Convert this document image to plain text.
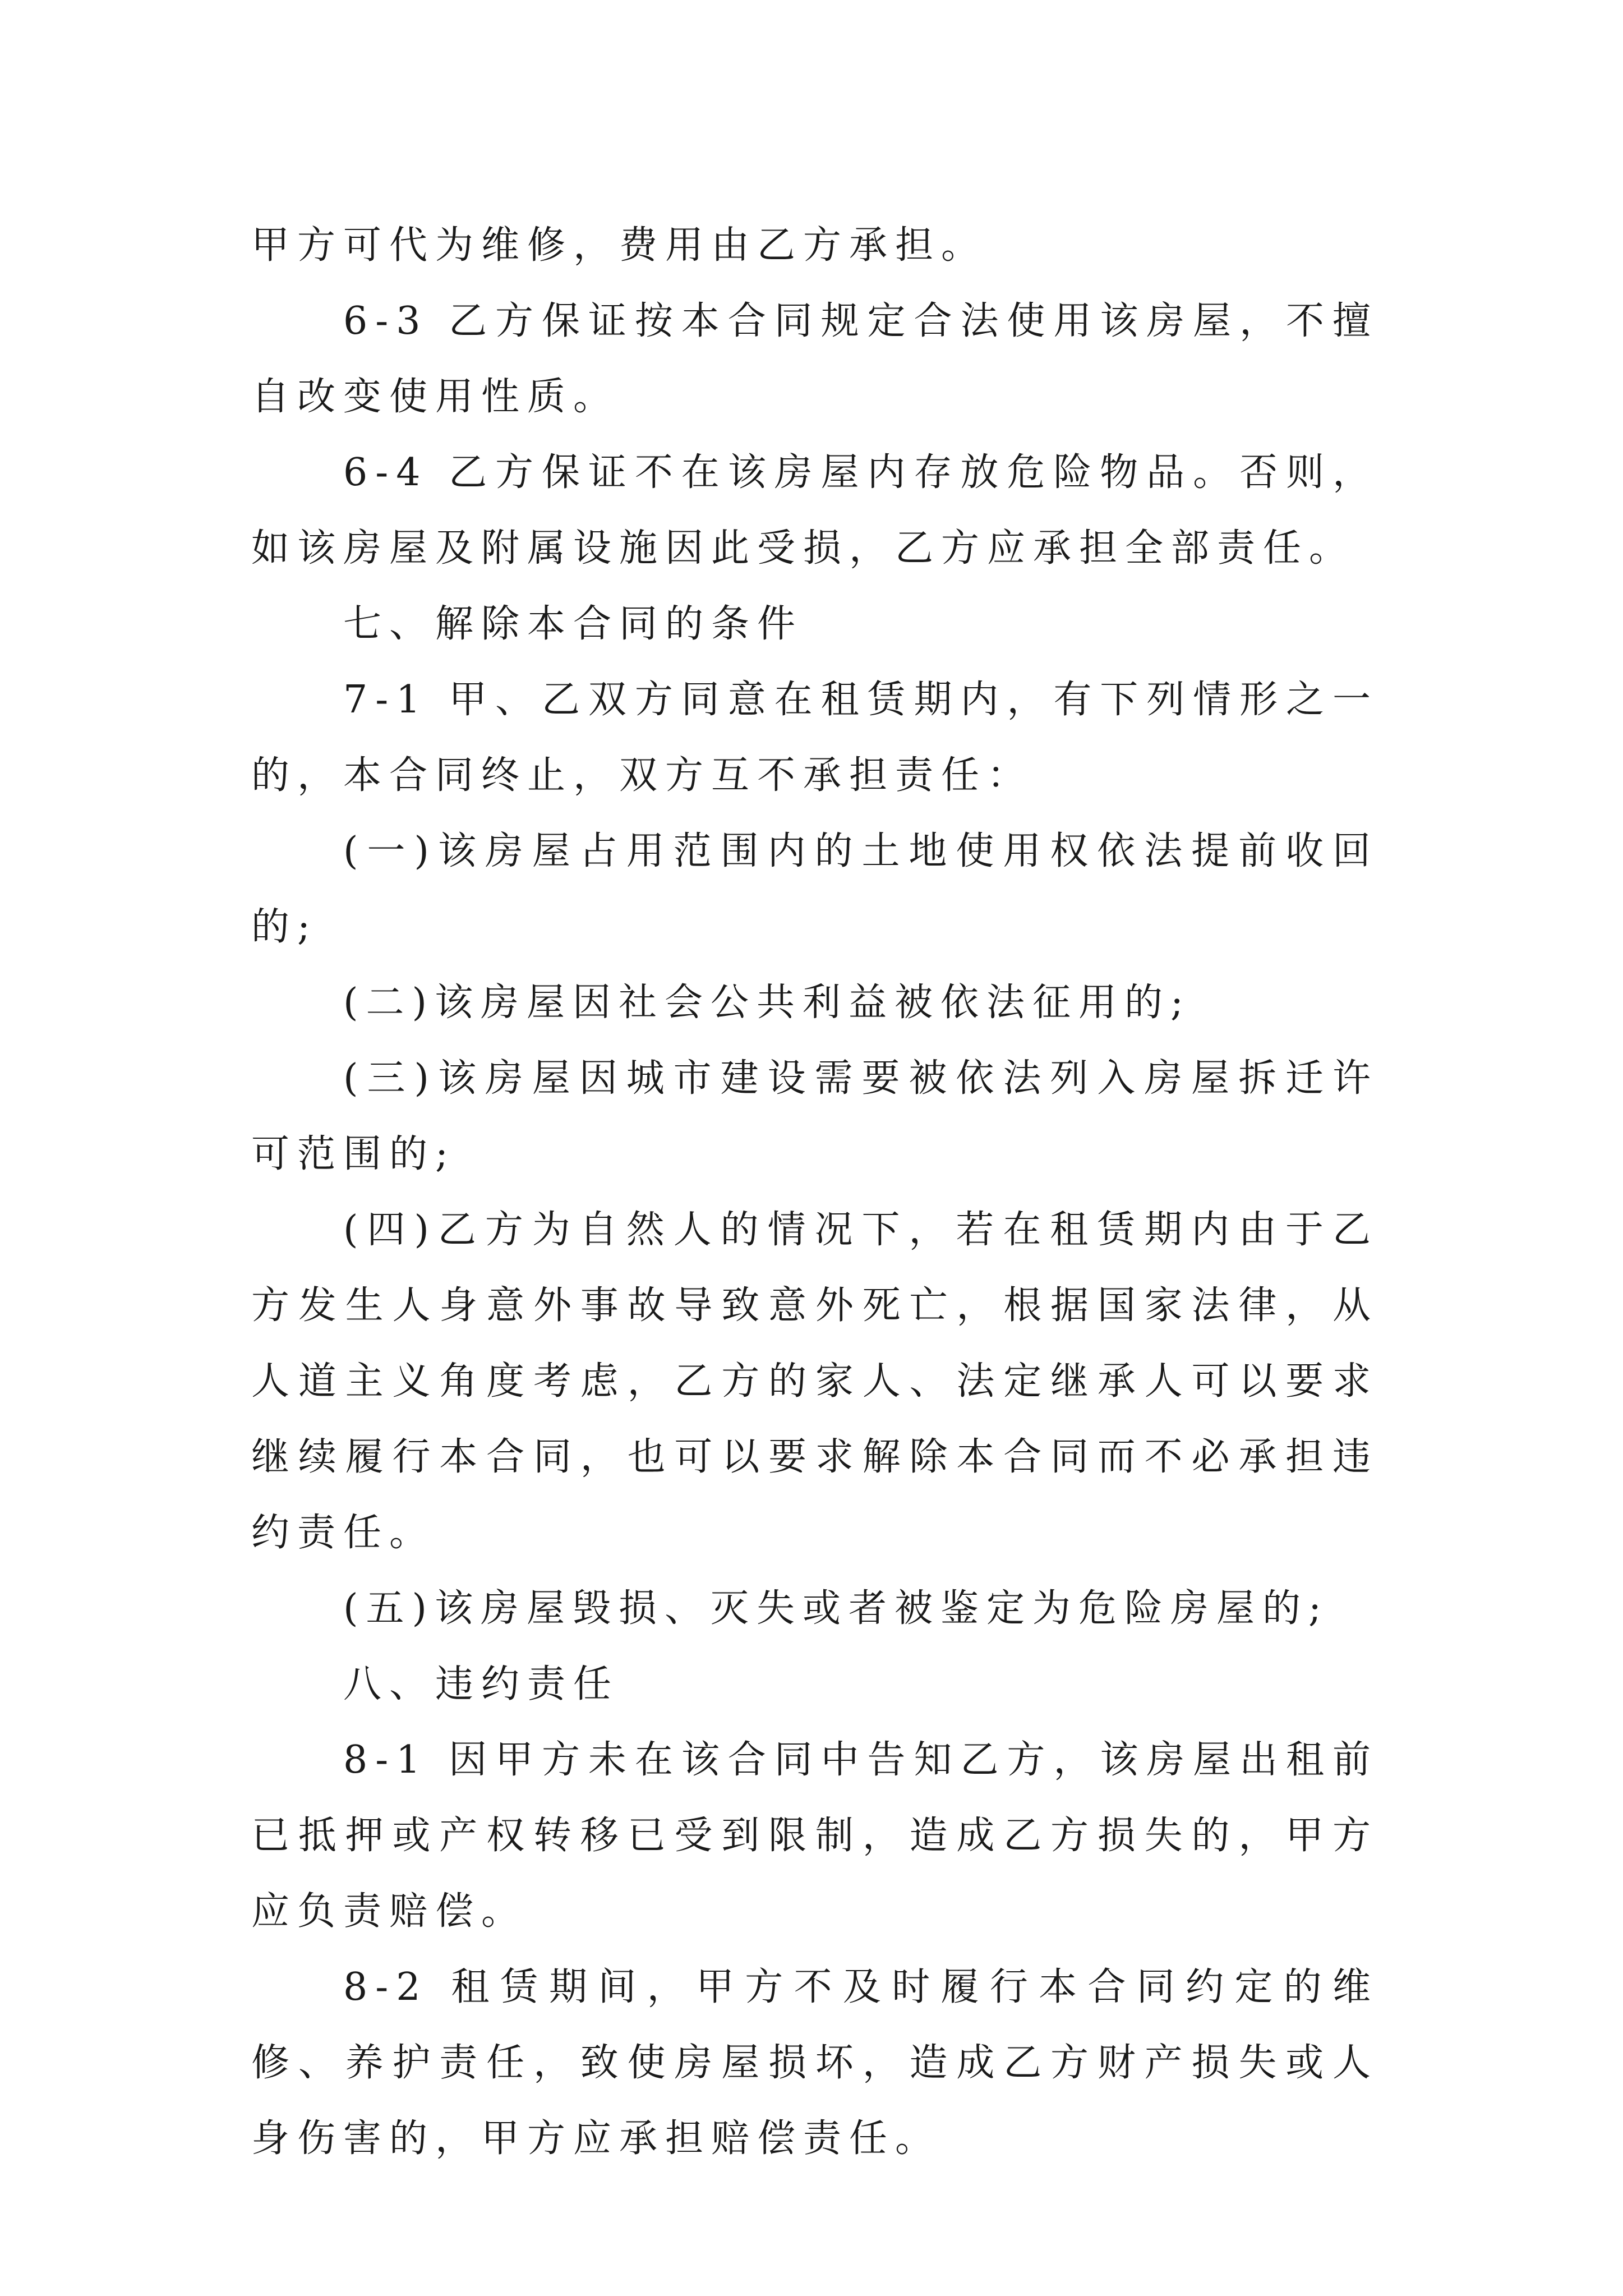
甲方可代为维修，费用由乙方承担。

6-3 乙方保证按本合同规定合法使用该房屋，不擅自改变使用性质。

6-4 乙方保证不在该房屋内存放危险物品。否则，如该房屋及附属设施因此受损，乙方应承担全部责任。

七、解除本合同的条件

7-1 甲、乙双方同意在租赁期内，有下列情形之一的，本合同终止，双方互不承担责任：

(一)该房屋占用范围内的土地使用权依法提前收回的;

(二)该房屋因社会公共利益被依法征用的;

(三)该房屋因城市建设需要被依法列入房屋拆迁许可范围的;

(四)乙方为自然人的情况下，若在租赁期内由于乙方发生人身意外事故导致意外死亡，根据国家法律，从人道主义角度考虑，乙方的家人、法定继承人可以要求继续履行本合同，也可以要求解除本合同而不必承担违约责任。

(五)该房屋毁损、灭失或者被鉴定为危险房屋的;

八、违约责任

8-1 因甲方未在该合同中告知乙方，该房屋出租前已抵押或产权转移已受到限制，造成乙方损失的，甲方应负责赔偿。

8-2 租赁期间，甲方不及时履行本合同约定的维修、养护责任，致使房屋损坏，造成乙方财产损失或人身伤害的，甲方应承担赔偿责任。
